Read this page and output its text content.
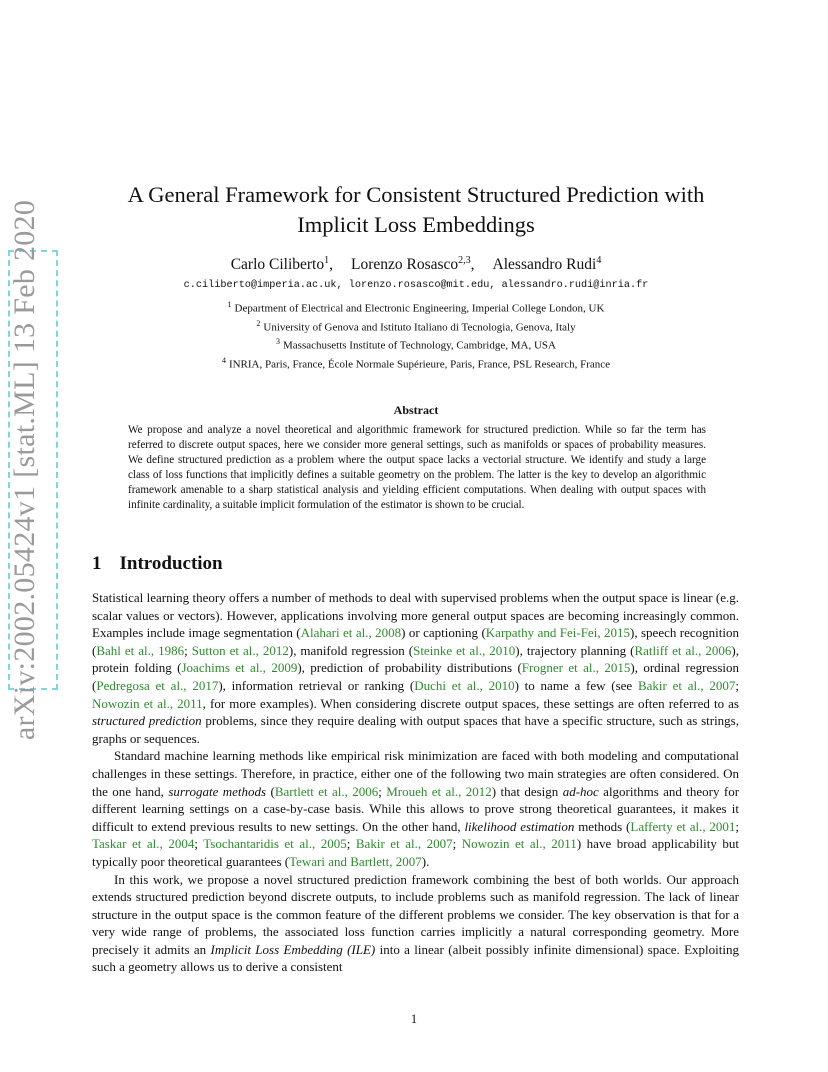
arXiv:2002.05424v1 [stat.ML] 13 Feb 2020
A General Framework for Consistent Structured Prediction with Implicit Loss Embeddings
Carlo Ciliberto$^1$, Lorenzo Rosasco$^{2,3}$, Alessandro Rudi$^4$
c.ciliberto@imperia.ac.uk, lorenzo.rosasco@mit.edu, alessandro.rudi@inria.fr
$^1$ Department of Electrical and Electronic Engineering, Imperial College London, UK
$^2$ University of Genova and Istituto Italiano di Tecnologia, Genova, Italy
$^3$ Massachusetts Institute of Technology, Cambridge, MA, USA
$^4$ INRIA, Paris, France, École Normale Supérieure, Paris, France, PSL Research, France
Abstract
We propose and analyze a novel theoretical and algorithmic framework for structured prediction. While so far the term has referred to discrete output spaces, here we consider more general settings, such as manifolds or spaces of probability measures. We define structured prediction as a problem where the output space lacks a vectorial structure. We identify and study a large class of loss functions that implicitly defines a suitable geometry on the problem. The latter is the key to develop an algorithmic framework amenable to a sharp statistical analysis and yielding efficient computations. When dealing with output spaces with infinite cardinality, a suitable implicit formulation of the estimator is shown to be crucial.
1 Introduction

Statistical learning theory offers a number of methods to deal with supervised problems when the output space is linear (e.g. scalar values or vectors). However, applications involving more general output spaces are becoming increasingly common. Examples include image segmentation (Alahari et al., 2008) or captioning (Karpathy and Fei-Fei, 2015), speech recognition (Bahl et al., 1986; Sutton et al., 2012), manifold regression (Steinke et al., 2010), trajectory planning (Ratliff et al., 2006), protein folding (Joachims et al., 2009), prediction of probability distributions (Frogner et al., 2015), ordinal regression (Pedregosa et al., 2017), information retrieval or ranking (Duchi et al., 2010) to name a few (see Bakir et al., 2007; Nowozin et al., 2011, for more examples). When considering discrete output spaces, these settings are often referred to as structured prediction problems, since they require dealing with output spaces that have a specific structure, such as strings, graphs or sequences.

Standard machine learning methods like empirical risk minimization are faced with both modeling and computational challenges in these settings. Therefore, in practice, either one of the following two main strategies are often considered. On the one hand, surrogate methods (Bartlett et al., 2006; Mroueh et al., 2012) that design ad-hoc algorithms and theory for different learning settings on a case-by-case basis. While this allows to prove strong theoretical guarantees, it makes it difficult to extend previous results to new settings. On the other hand, likelihood estimation methods (Lafferty et al., 2001; Taskar et al., 2004; Tsochantaridis et al., 2005; Bakir et al., 2007; Nowozin et al., 2011) have broad applicability but typically poor theoretical guarantees (Tewari and Bartlett, 2007).

In this work, we propose a novel structured prediction framework combining the best of both worlds. Our approach extends structured prediction beyond discrete outputs, to include problems such as manifold regression. The lack of linear structure in the output space is the common feature of the different problems we consider. The key observation is that for a very wide range of problems, the associated loss function carries implicitly a natural corresponding geometry. More precisely it admits an Implicit Loss Embedding (ILE) into a linear (albeit possibly infinite dimensional) space. Exploiting such a geometry allows us to derive a consistent

1
